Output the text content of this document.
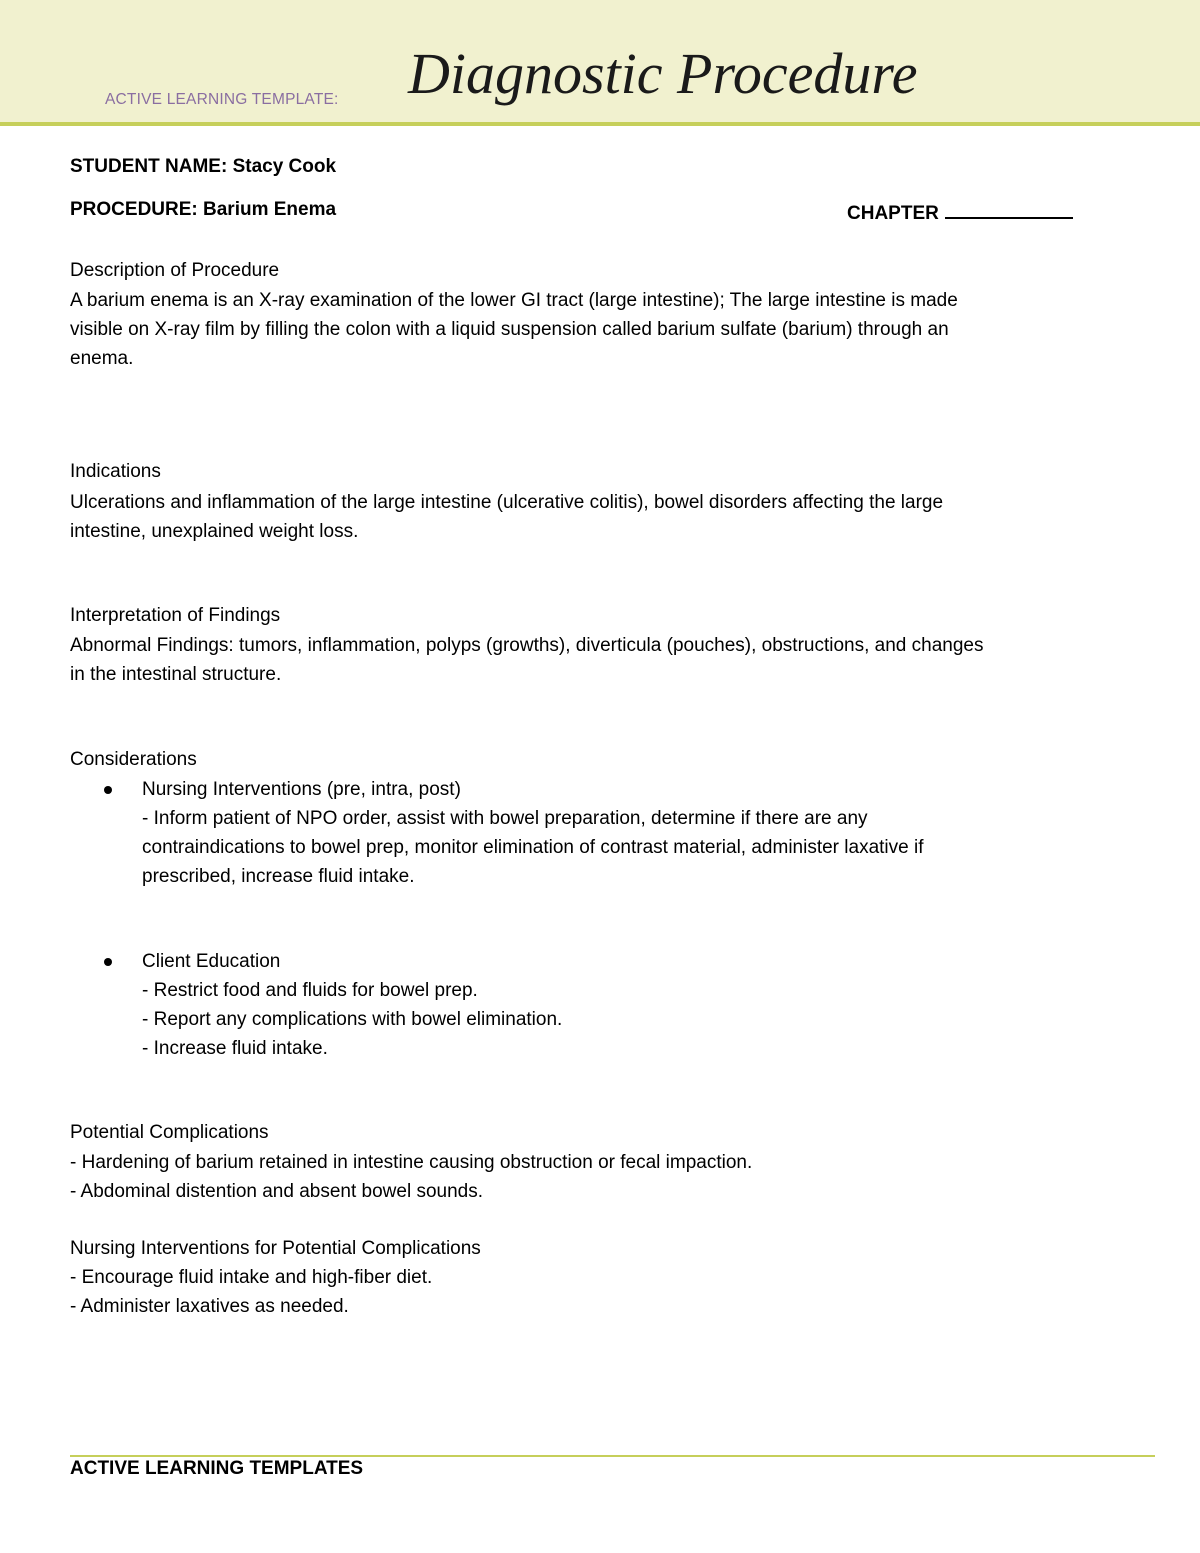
ACTIVE LEARNING TEMPLATE: Diagnostic Procedure
STUDENT NAME: Stacy Cook
PROCEDURE: Barium Enema	CHAPTER
Description of Procedure
A barium enema is an X-ray examination of the lower GI tract (large intestine); The large intestine is made
visible on X-ray film by filling the colon with a liquid suspension called barium sulfate (barium) through an
enema.
Indications
Ulcerations and inflammation of the large intestine (ulcerative colitis), bowel disorders affecting the large
intestine, unexplained weight loss.
Interpretation of Findings
Abnormal Findings: tumors, inflammation, polyps (growths), diverticula (pouches), obstructions, and changes
in the intestinal structure.
Considerations
Nursing Interventions (pre, intra, post)
- Inform patient of NPO order, assist with bowel preparation, determine if there are any
contraindications to bowel prep, monitor elimination of contrast material, administer laxative if
prescribed, increase fluid intake.
Client Education
- Restrict food and fluids for bowel prep.
- Report any complications with bowel elimination.
- Increase fluid intake.
Potential Complications
- Hardening of barium retained in intestine causing obstruction or fecal impaction.
- Abdominal distention and absent bowel sounds.
Nursing Interventions for Potential Complications
- Encourage fluid intake and high-fiber diet.
- Administer laxatives as needed.
ACTIVE LEARNING TEMPLATES
